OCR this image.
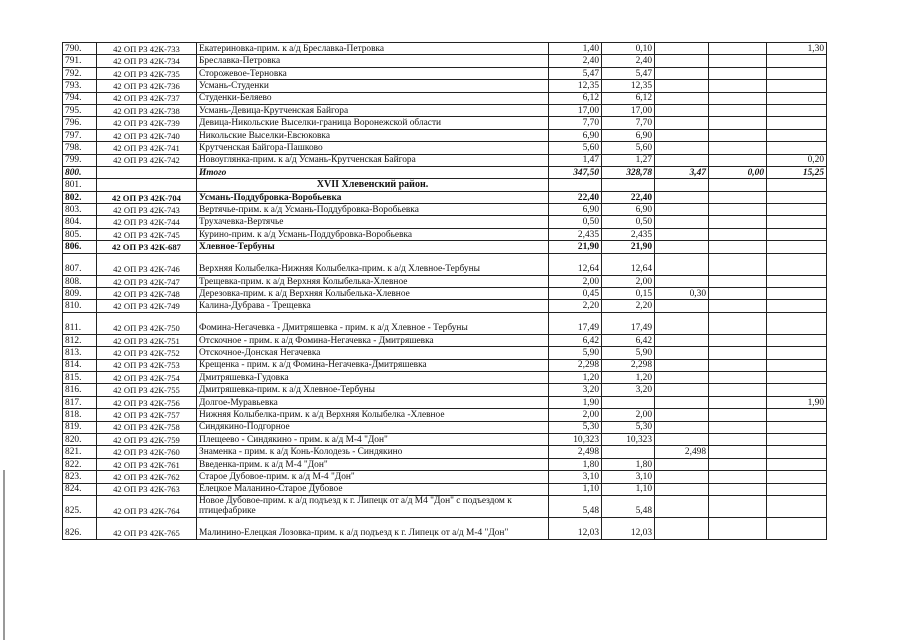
790.	42 ОП РЗ 42К-733	Екатериновка-прим. к а/д Бреславка-Петровка	1,40	0,10			1,30
791.	42 ОП РЗ 42К-734	Бреславка-Петровка	2,40	2,40			
792.	42 ОП РЗ 42К-735	Сторожевое-Терновка	5,47	5,47			
793.	42 ОП РЗ 42К-736	Усмань-Студенки	12,35	12,35			
794.	42 ОП РЗ 42К-737	Студенки-Беляево	6,12	6,12			
795.	42 ОП РЗ 42К-738	Усмань-Девица-Крутченская Байгора	17,00	17,00			
796.	42 ОП РЗ 42К-739	Девица-Никольские Выселки-граница Воронежской области	7,70	7,70			
797.	42 ОП РЗ 42К-740	Никольские Выселки-Евсюковка	6,90	6,90			
798.	42 ОП РЗ 42К-741	Крутченская Байгора-Пашково	5,60	5,60			
799.	42 ОП РЗ 42К-742	Новоуглянка-прим. к а/д Усмань-Крутченская Байгора	1,47	1,27			0,20
800.		Итого	347,50	328,78	3,47	0,00	15,25
801.		XVII Хлевенский район.					
802.	42 ОП РЗ 42К-704	Усмань-Поддубровка-Воробьевка	22,40	22,40			
803.	42 ОП РЗ 42К-743	Вертячье-прим. к а/д Усмань-Поддубровка-Воробьевка	6,90	6,90			
804.	42 ОП РЗ 42К-744	Трухачевка-Вертячье	0,50	0,50			
805.	42 ОП РЗ 42К-745	Курино-прим. к а/д Усмань-Поддубровка-Воробьевка	2,435	2,435			
806.	42 ОП РЗ 42К-687	Хлевное-Тербуны	21,90	21,90			
807.	42 ОП РЗ 42К-746	Верхняя Колыбелка-Нижняя Колыбелка-прим. к а/д Хлевное-Тербуны	12,64	12,64			
808.	42 ОП РЗ 42К-747	Трещевка-прим. к а/д Верхняя Колыбелька-Хлевное	2,00	2,00			
809.	42 ОП РЗ 42К-748	Дерезовка-прим. к а/д Верхняя Колыбелька-Хлевное	0,45	0,15	0,30		
810.	42 ОП РЗ 42К-749	Калина-Дубрава - Трещевка	2,20	2,20			
811.	42 ОП РЗ 42К-750	Фомина-Негачевка - Дмитряшевка - прим. к а/д Хлевное - Тербуны	17,49	17,49			
812.	42 ОП РЗ 42К-751	Отскочное - прим. к а/д Фомина-Негачевка - Дмитряшевка	6,42	6,42			
813.	42 ОП РЗ 42К-752	Отскочное-Донская Негачевка	5,90	5,90			
814.	42 ОП РЗ 42К-753	Крещенка - прим. к а/д Фомина-Негачевка-Дмитряшевка	2,298	2,298			
815.	42 ОП РЗ 42К-754	Дмитряшевка-Гудовка	1,20	1,20			
816.	42 ОП РЗ 42К-755	Дмитряшевка-прим. к а/д Хлевное-Тербуны	3,20	3,20			
817.	42 ОП РЗ 42К-756	Долгое-Муравьевка	1,90				1,90
818.	42 ОП РЗ 42К-757	Нижняя Колыбелка-прим. к а/д Верхняя Колыбелка -Хлевное	2,00	2,00			
819.	42 ОП РЗ 42К-758	Синдякино-Подгорное	5,30	5,30			
820.	42 ОП РЗ 42К-759	Плещеево - Синдякино - прим. к а/д М-4 "Дон"	10,323	10,323			
821.	42 ОП РЗ 42К-760	Знаменка - прим. к а/д Конь-Колодезь - Синдякино	2,498		2,498		
822.	42 ОП РЗ 42К-761	Введенка-прим. к а/д М-4 "Дон"	1,80	1,80			
823.	42 ОП РЗ 42К-762	Старое Дубовое-прим. к а/д М-4 "Дон"	3,10	3,10			
824.	42 ОП РЗ 42К-763	Елецкое Маланино-Старое Дубовое	1,10	1,10			
825.	42 ОП РЗ 42К-764	Новое Дубовое-прим. к а/д подъезд к г. Липецк от а/д М4 "Дон" с подъездом к птицефабрике	5,48	5,48			
826.	42 ОП РЗ 42К-765	Малинино-Елецкая Лозовка-прим. к а/д подъезд к г. Липецк от а/д М-4 "Дон"	12,03	12,03			
